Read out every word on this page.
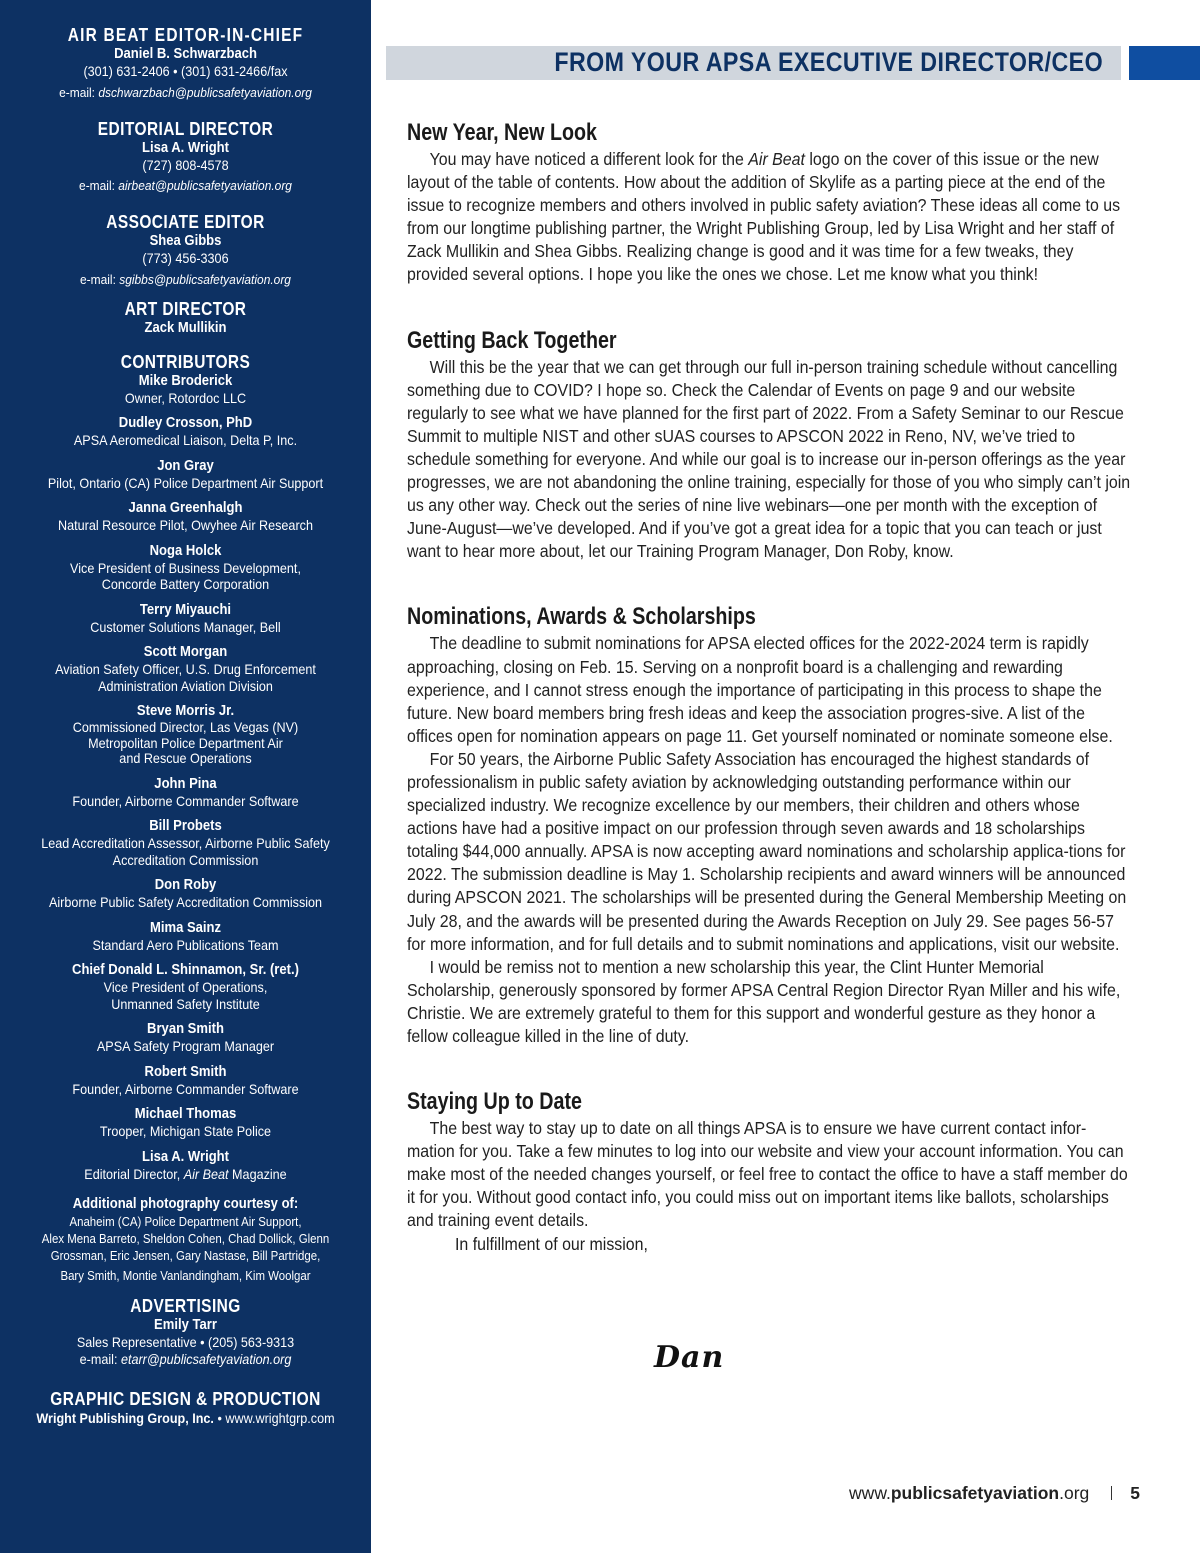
AIR BEAT EDITOR-IN-CHIEF
Daniel B. Schwarzbach
(301) 631-2406 • (301) 631-2466/fax
e-mail: dschwarzbach@publicsafetyaviation.org
EDITORIAL DIRECTOR
Lisa A. Wright
(727) 808-4578
e-mail: airbeat@publicsafetyaviation.org
ASSOCIATE EDITOR
Shea Gibbs
(773) 456-3306
e-mail: sgibbs@publicsafetyaviation.org
ART DIRECTOR
Zack Mullikin
CONTRIBUTORS
Mike Broderick
Owner, Rotordoc LLC
Dudley Crosson, PhD
APSA Aeromedical Liaison, Delta P, Inc.
Jon Gray
Pilot, Ontario (CA) Police Department Air Support
Janna Greenhalgh
Natural Resource Pilot, Owyhee Air Research
Noga Holck
Vice President of Business Development,
Concorde Battery Corporation
Terry Miyauchi
Customer Solutions Manager, Bell
Scott Morgan
Aviation Safety Officer, U.S. Drug Enforcement
Administration Aviation Division
Steve Morris Jr.
Commissioned Director, Las Vegas (NV)
Metropolitan Police Department Air
and Rescue Operations
John Pina
Founder, Airborne Commander Software
Bill Probets
Lead Accreditation Assessor, Airborne Public Safety
Accreditation Commission
Don Roby
Airborne Public Safety Accreditation Commission
Mima Sainz
Standard Aero Publications Team
Chief Donald L. Shinnamon, Sr. (ret.)
Vice President of Operations,
Unmanned Safety Institute
Bryan Smith
APSA Safety Program Manager
Robert Smith
Founder, Airborne Commander Software
Michael Thomas
Trooper, Michigan State Police
Lisa A. Wright
Editorial Director, Air Beat Magazine
Additional photography courtesy of:
Anaheim (CA) Police Department Air Support,
Alex Mena Barreto, Sheldon Cohen, Chad Dollick, Glenn
Grossman, Eric Jensen, Gary Nastase, Bill Partridge,
Bary Smith, Montie Vanlandingham, Kim Woolgar
ADVERTISING
Emily Tarr
Sales Representative • (205) 563-9313
e-mail: etarr@publicsafetyaviation.org
GRAPHIC DESIGN & PRODUCTION
Wright Publishing Group, Inc. • www.wrightgrp.com
FROM YOUR APSA EXECUTIVE DIRECTOR/CEO
New Year, New Look

You may have noticed a different look for the Air Beat logo on the cover of this issue or the new layout of the table of contents. How about the addition of Skylife as a parting piece at the end of the issue to recognize members and others involved in public safety aviation? These ideas all come to us from our longtime publishing partner, the Wright Publishing Group, led by Lisa Wright and her staff of Zack Mullikin and Shea Gibbs. Realizing change is good and it was time for a few tweaks, they provided several options. I hope you like the ones we chose. Let me know what you think!

Getting Back Together

Will this be the year that we can get through our full in-person training schedule without cancelling something due to COVID? I hope so. Check the Calendar of Events on page 9 and our website regularly to see what we have planned for the first part of 2022. From a Safety Seminar to our Rescue Summit to multiple NIST and other sUAS courses to APSCON 2022 in Reno, NV, we’ve tried to schedule something for everyone. And while our goal is to increase our in-person offerings as the year progresses, we are not abandoning the online training, especially for those of you who simply can’t join us any other way. Check out the series of nine live webinars—one per month with the exception of June-August—we’ve developed. And if you’ve got a great idea for a topic that you can teach or just want to hear more about, let our Training Program Manager, Don Roby, know.

Nominations, Awards & Scholarships

The deadline to submit nominations for APSA elected offices for the 2022-2024 term is rapidly approaching, closing on Feb. 15. Serving on a nonprofit board is a challenging and rewarding experience, and I cannot stress enough the importance of participating in this process to shape the future. New board members bring fresh ideas and keep the association progres-sive. A list of the offices open for nomination appears on page 11. Get yourself nominated or nominate someone else.

For 50 years, the Airborne Public Safety Association has encouraged the highest standards of professionalism in public safety aviation by acknowledging outstanding performance within our specialized industry. We recognize excellence by our members, their children and others whose actions have had a positive impact on our profession through seven awards and 18 scholarships totaling $44,000 annually. APSA is now accepting award nominations and scholarship applica-tions for 2022. The submission deadline is May 1. Scholarship recipients and award winners will be announced during APSCON 2021. The scholarships will be presented during the General Membership Meeting on July 28, and the awards will be presented during the Awards Reception on July 29. See pages 56-57 for more information, and for full details and to submit nominations and applications, visit our website.

I would be remiss not to mention a new scholarship this year, the Clint Hunter Memorial Scholarship, generously sponsored by former APSA Central Region Director Ryan Miller and his wife, Christie. We are extremely grateful to them for this support and wonderful gesture as they honor a fellow colleague killed in the line of duty.

Staying Up to Date

The best way to stay up to date on all things APSA is to ensure we have current contact infor-mation for you. Take a few minutes to log into our website and view your account information. You can make most of the needed changes yourself, or feel free to contact the office to have a staff member do it for you. Without good contact info, you could miss out on important items like ballots, scholarships and training event details.

In fulfillment of our mission,
Dan
www.publicsafetyaviation.org 5
